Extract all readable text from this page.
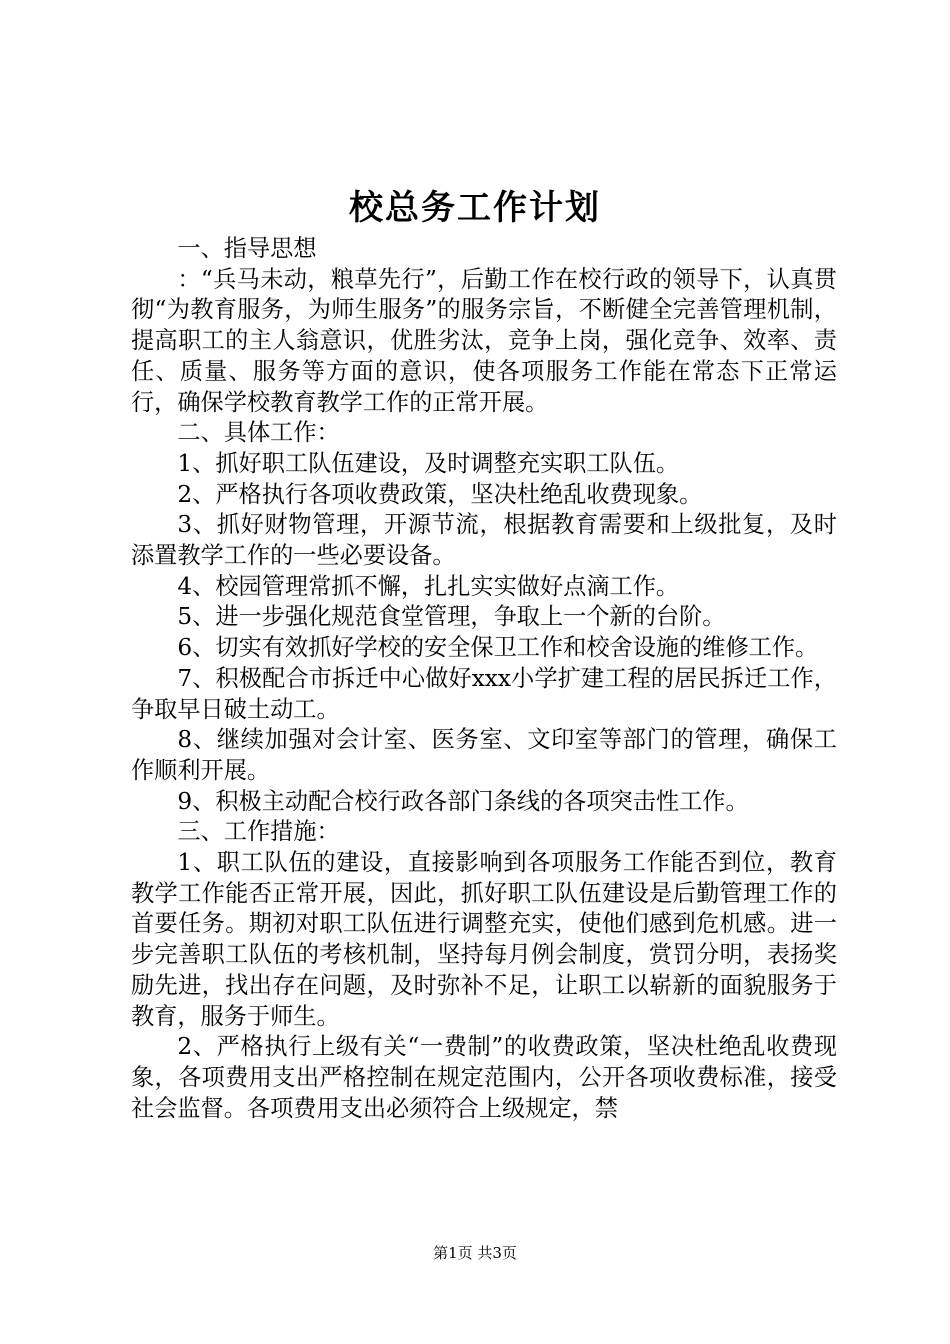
校总务工作计划

一、指导思想

：“兵马未动，粮草先行”，后勤工作在校行政的领导下，认真贯彻“为教育服务，为师生服务”的服务宗旨，不断健全完善管理机制，提高职工的主人翁意识，优胜劣汰，竞争上岗，强化竞争、效率、责任、质量、服务等方面的意识，使各项服务工作能在常态下正常运行，确保学校教育教学工作的正常开展。

二、具体工作：

1、抓好职工队伍建设，及时调整充实职工队伍。

2、严格执行各项收费政策，坚决杜绝乱收费现象。

3、抓好财物管理，开源节流，根据教育需要和上级批复，及时添置教学工作的一些必要设备。

4、校园管理常抓不懈，扎扎实实做好点滴工作。

5、进一步强化规范食堂管理，争取上一个新的台阶。

6、切实有效抓好学校的安全保卫工作和校舍设施的维修工作。

7、积极配合市拆迁中心做好xxx小学扩建工程的居民拆迁工作，争取早日破土动工。

8、继续加强对会计室、医务室、文印室等部门的管理，确保工作顺利开展。

9、积极主动配合校行政各部门条线的各项突击性工作。

三、工作措施：

1、职工队伍的建设，直接影响到各项服务工作能否到位，教育教学工作能否正常开展，因此，抓好职工队伍建设是后勤管理工作的首要任务。期初对职工队伍进行调整充实，使他们感到危机感。进一步完善职工队伍的考核机制，坚持每月例会制度，赏罚分明，表扬奖励先进，找出存在问题，及时弥补不足，让职工以崭新的面貌服务于教育，服务于师生。

2、严格执行上级有关“一费制”的收费政策，坚决杜绝乱收费现象，各项费用支出严格控制在规定范围内，公开各项收费标准，接受社会监督。各项费用支出必须符合上级规定，禁

第1页 共3页
